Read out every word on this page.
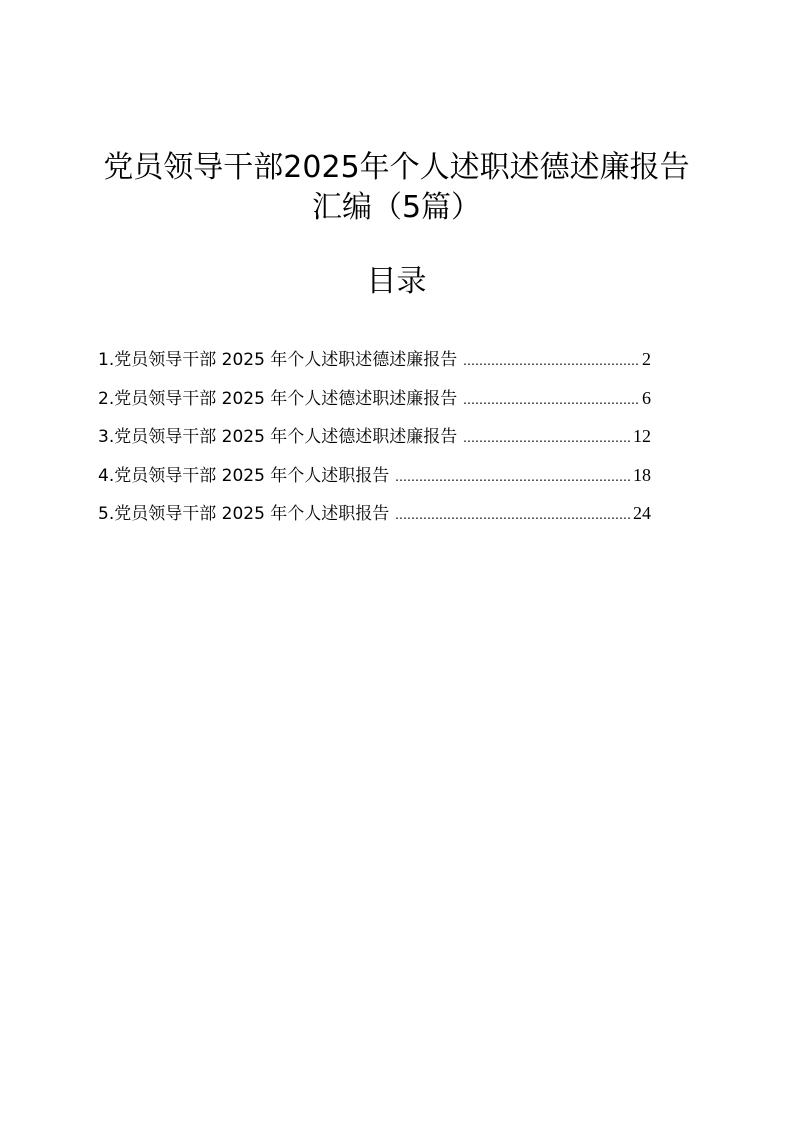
党员领导干部2025年个人述职述德述廉报告
汇编（5篇）
目录
1.党员领导干部 2025 年个人述职述德述廉报告 .....	2
2.党员领导干部 2025 年个人述德述职述廉报告 .....	6
3.党员领导干部 2025 年个人述德述职述廉报告 .....	12
4.党员领导干部 2025 年个人述职报告 .....	18
5.党员领导干部 2025 年个人述职报告 .....	24
